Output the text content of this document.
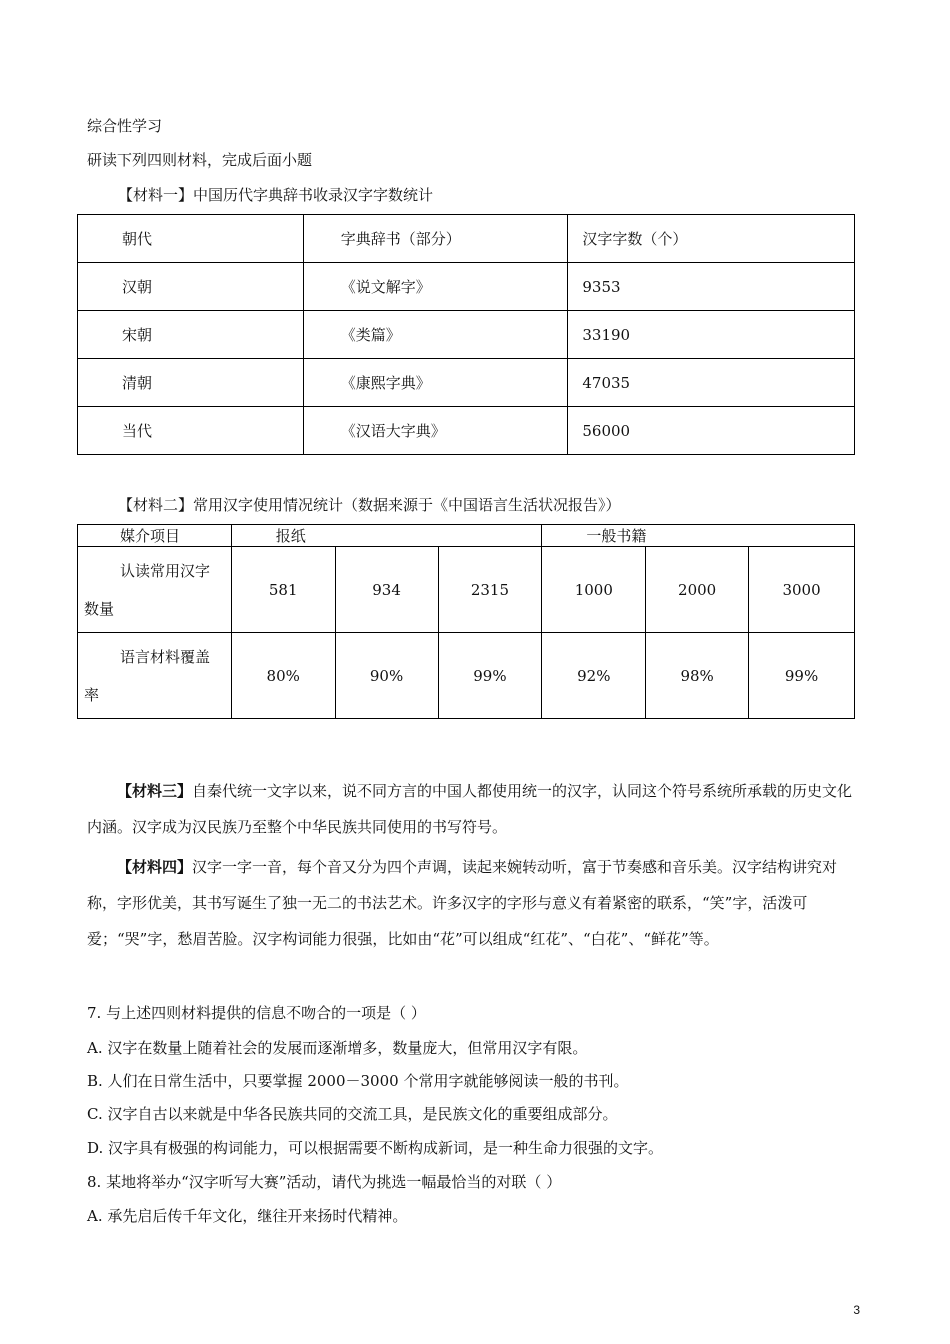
综合性学习
研读下列四则材料，完成后面小题
【材料一】中国历代字典辞书收录汉字字数统计
朝代	字典辞书（部分）	汉字字数（个）
汉朝	《说文解字》	9353
宋朝	《类篇》	33190
清朝	《康熙字典》	47035
当代	《汉语大字典》	56000
【材料二】常用汉字使用情况统计（数据来源于《中国语言生活状况报告》）
媒介项目	报纸			一般书籍		

认读常用汉字
数量	581	934	2315	1000	2000	3000

语言材料覆盖
率	80%	90%	99%	92%	98%	99%

【材料三】自秦代统一文字以来，说不同方言的中国人都使用统一的汉字，认同这个符号系统所承载的历史文化内涵。汉字成为汉民族乃至整个中华民族共同使用的书写符号。

【材料四】汉字一字一音，每个音又分为四个声调，读起来婉转动听，富于节奏感和音乐美。汉字结构讲究对称，字形优美，其书写诞生了独一无二的书法艺术。许多汉字的字形与意义有着紧密的联系，“笑”字，活泼可爱；“哭”字，愁眉苦脸。汉字构词能力很强，比如由“花”可以组成“红花”、“白花”、“鲜花”等。

7. 与上述四则材料提供的信息不吻合的一项是（ ）
A. 汉字在数量上随着社会的发展而逐渐增多，数量庞大，但常用汉字有限。
B. 人们在日常生活中，只要掌握 2000－3000 个常用字就能够阅读一般的书刊。
C. 汉字自古以来就是中华各民族共同的交流工具，是民族文化的重要组成部分。
D. 汉字具有极强的构词能力，可以根据需要不断构成新词，是一种生命力很强的文字。
8. 某地将举办“汉字听写大赛”活动，请代为挑选一幅最恰当的对联（ ）
A. 承先启后传千年文化，继往开来扬时代精神。
3
